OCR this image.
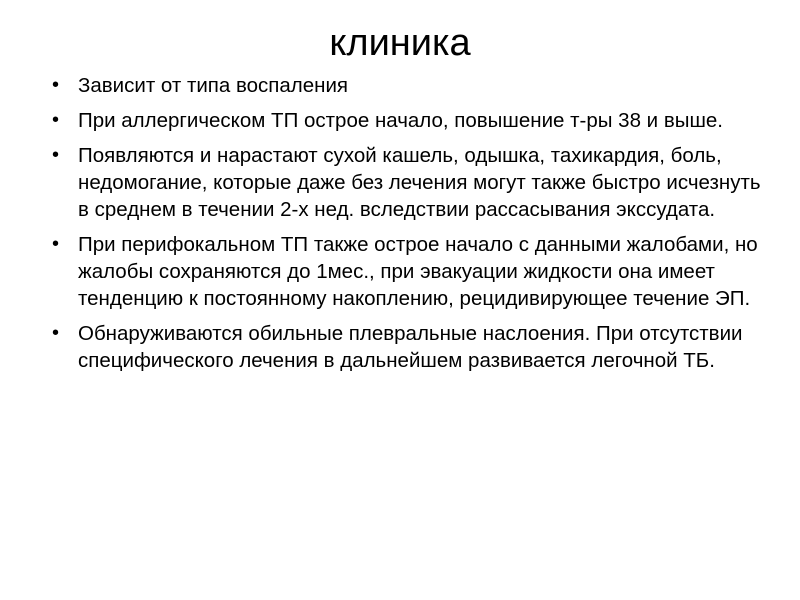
клиника
• Зависит от типа воспаления
• При аллергическом ТП острое начало, повышение т-ры 38 и выше.
• Появляются и нарастают сухой кашель, одышка, тахикардия, боль, недомогание, которые даже без лечения могут также быстро исчезнуть в среднем в течении 2-х нед. вследствии рассасывания экссудата.
• При перифокальном ТП также острое начало с данными жалобами, но жалобы сохраняются до 1мес., при эвакуации жидкости она имеет тенденцию к постоянному накоплению, рецидивирующее течение ЭП.
• Обнаруживаются обильные плевральные наслоения. При отсутствии специфического лечения в дальнейшем развивается легочной ТБ.
